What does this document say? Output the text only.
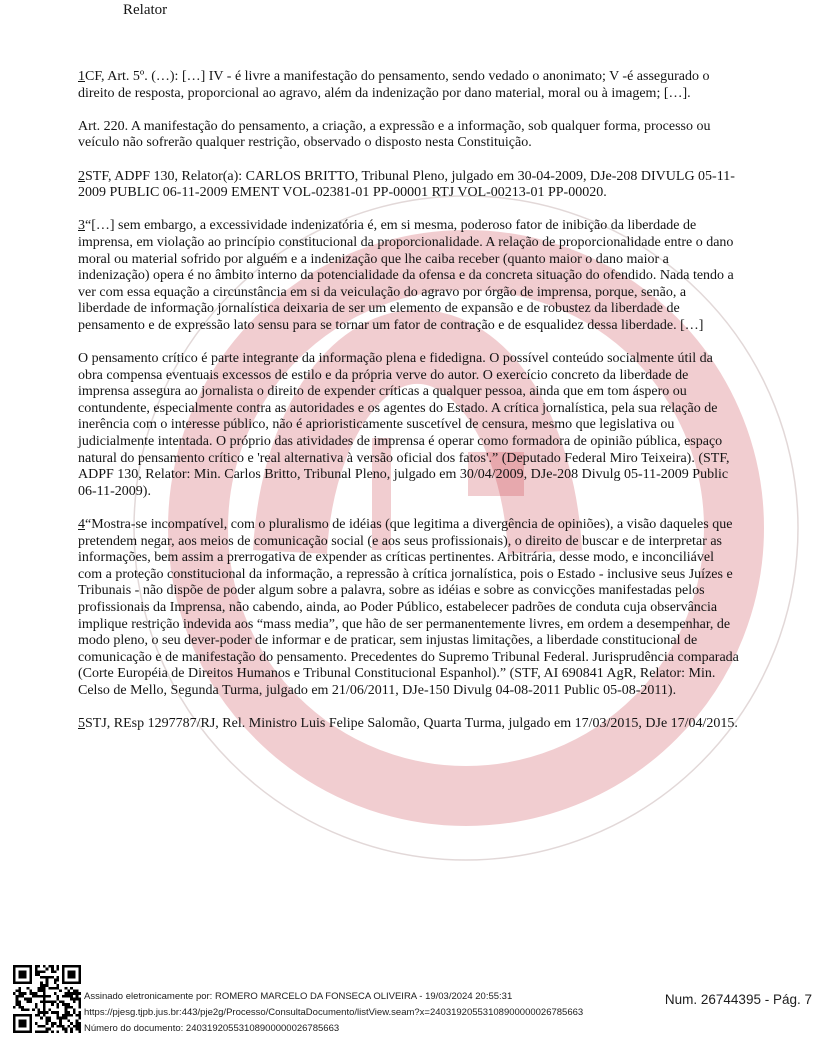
Relator

1CF, Art. 5º. (…): […] IV - é livre a manifestação do pensamento, sendo vedado o anonimato; V -é assegurado o direito de resposta, proporcional ao agravo, além da indenização por dano material, moral ou à imagem; […].

Art. 220. A manifestação do pensamento, a criação, a expressão e a informação, sob qualquer forma, processo ou veículo não sofrerão qualquer restrição, observado o disposto nesta Constituição.

2STF, ADPF 130, Relator(a): CARLOS BRITTO, Tribunal Pleno, julgado em 30-04-2009, DJe-208 DIVULG 05-11-2009 PUBLIC 06-11-2009 EMENT VOL-02381-01 PP-00001 RTJ VOL-00213-01 PP-00020.

3“[…] sem embargo, a excessividade indenizatória é, em si mesma, poderoso fator de inibição da liberdade de imprensa, em violação ao princípio constitucional da proporcionalidade. A relação de proporcionalidade entre o dano moral ou material sofrido por alguém e a indenização que lhe caiba receber (quanto maior o dano maior a indenização) opera é no âmbito interno da potencialidade da ofensa e da concreta situação do ofendido. Nada tendo a ver com essa equação a circunstância em si da veiculação do agravo por órgão de imprensa, porque, senão, a liberdade de informação jornalística deixaria de ser um elemento de expansão e de robustez da liberdade de pensamento e de expressão lato sensu para se tornar um fator de contração e de esqualidez dessa liberdade. […]

O pensamento crítico é parte integrante da informação plena e fidedigna. O possível conteúdo socialmente útil da obra compensa eventuais excessos de estilo e da própria verve do autor. O exercício concreto da liberdade de imprensa assegura ao jornalista o direito de expender críticas a qualquer pessoa, ainda que em tom áspero ou contundente, especialmente contra as autoridades e os agentes do Estado. A crítica jornalística, pela sua relação de inerência com o interesse público, não é aprioristicamente suscetível de censura, mesmo que legislativa ou judicialmente intentada. O próprio das atividades de imprensa é operar como formadora de opinião pública, espaço natural do pensamento crítico e 'real alternativa à versão oficial dos fatos'.” (Deputado Federal Miro Teixeira). (STF, ADPF 130, Relator: Min. Carlos Britto, Tribunal Pleno, julgado em 30/04/2009, DJe-208 Divulg 05-11-2009 Public 06-11-2009).

4“Mostra-se incompatível, com o pluralismo de idéias (que legitima a divergência de opiniões), a visão daqueles que pretendem negar, aos meios de comunicação social (e aos seus profissionais), o direito de buscar e de interpretar as informações, bem assim a prerrogativa de expender as críticas pertinentes. Arbitrária, desse modo, e inconciliável com a proteção constitucional da informação, a repressão à crítica jornalística, pois o Estado - inclusive seus Juízes e Tribunais - não dispõe de poder algum sobre a palavra, sobre as idéias e sobre as convicções manifestadas pelos profissionais da Imprensa, não cabendo, ainda, ao Poder Público, estabelecer padrões de conduta cuja observância implique restrição indevida aos “mass media”, que hão de ser permanentemente livres, em ordem a desempenhar, de modo pleno, o seu dever-poder de informar e de praticar, sem injustas limitações, a liberdade constitucional de comunicação e de manifestação do pensamento. Precedentes do Supremo Tribunal Federal. Jurisprudência comparada (Corte Européia de Direitos Humanos e Tribunal Constitucional Espanhol).” (STF, AI 690841 AgR, Relator: Min. Celso de Mello, Segunda Turma, julgado em 21/06/2011, DJe-150 Divulg 04-08-2011 Public 05-08-2011).

5STJ, REsp 1297787/RJ, Rel. Ministro Luis Felipe Salomão, Quarta Turma, julgado em 17/03/2015, DJe 17/04/2015.

Assinado eletronicamente por: ROMERO MARCELO DA FONSECA OLIVEIRA - 19/03/2024 20:55:31
https://pjesg.tjpb.jus.br:443/pje2g/Processo/ConsultaDocumento/listView.seam?x=24031920553108900000026785663
Número do documento: 24031920553108900000026785663
Num. 26744395 - Pág. 7
